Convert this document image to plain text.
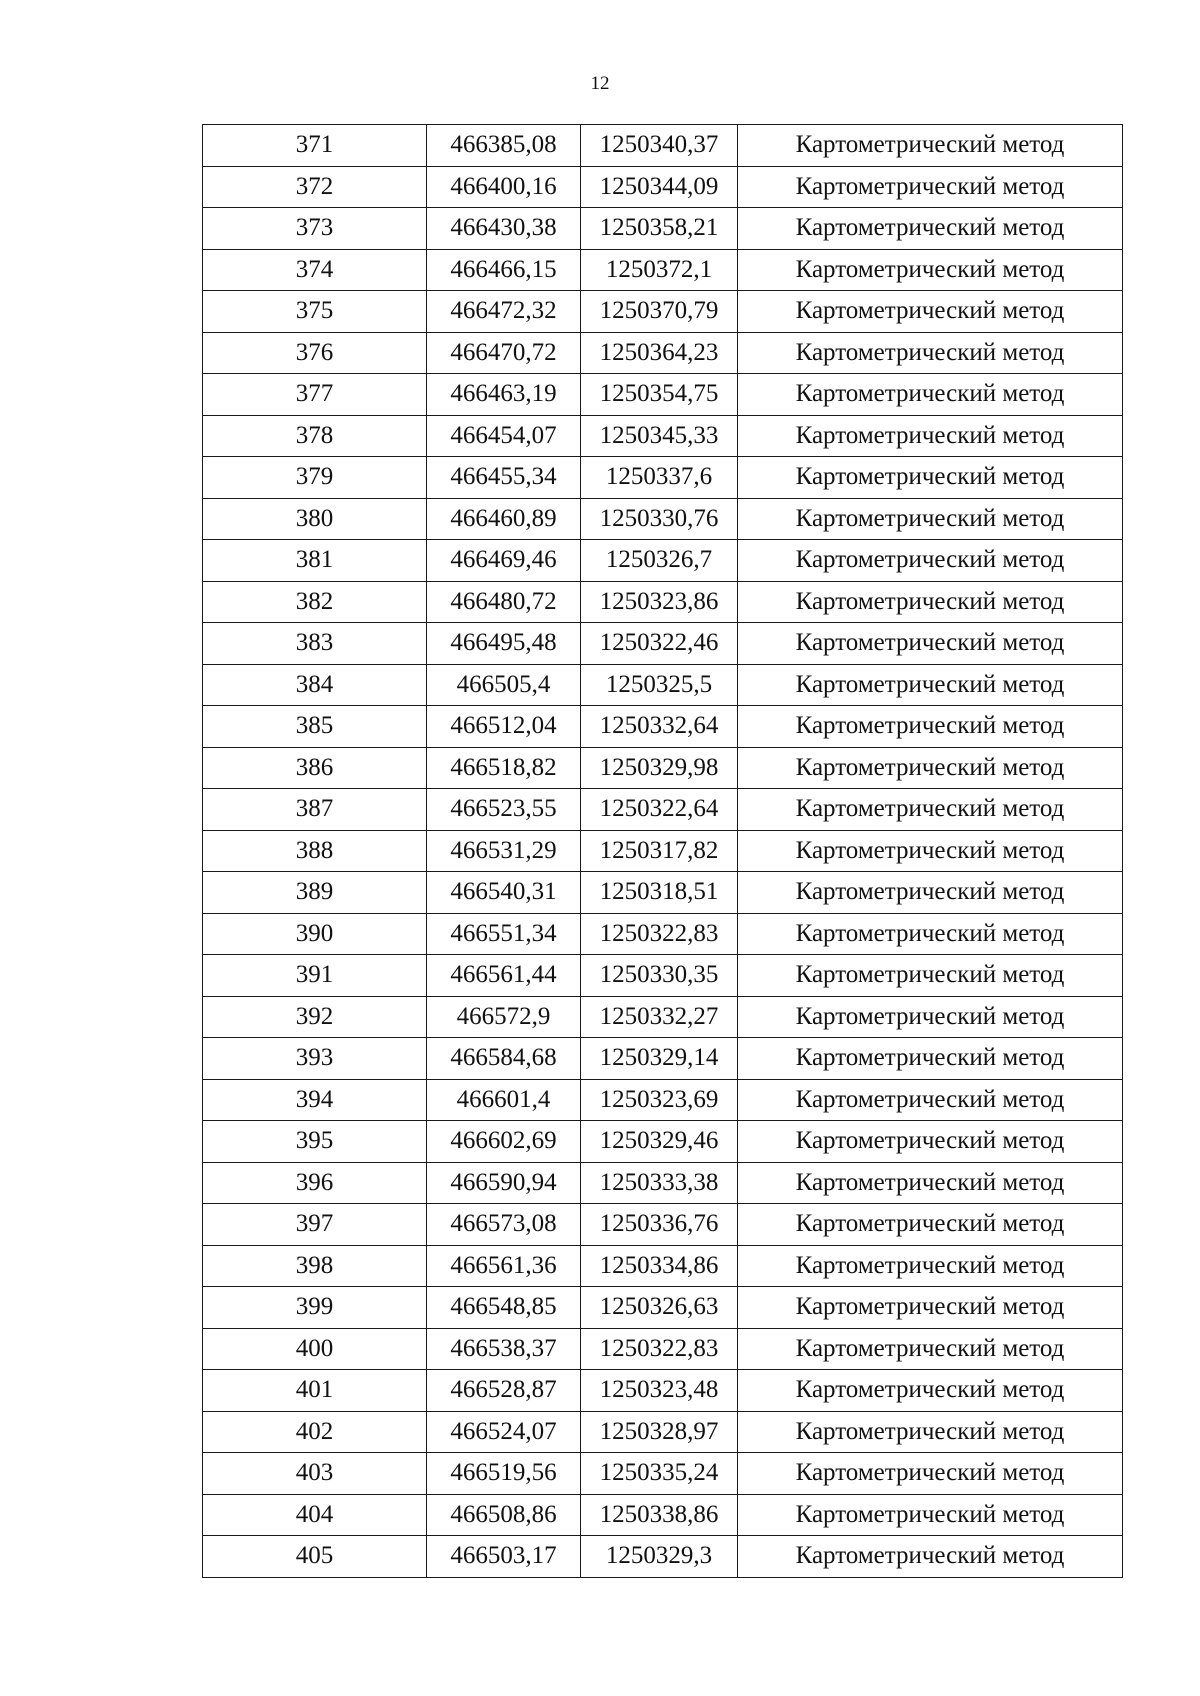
12
371	466385,08	1250340,37	Картометрический метод
372	466400,16	1250344,09	Картометрический метод
373	466430,38	1250358,21	Картометрический метод
374	466466,15	1250372,1	Картометрический метод
375	466472,32	1250370,79	Картометрический метод
376	466470,72	1250364,23	Картометрический метод
377	466463,19	1250354,75	Картометрический метод
378	466454,07	1250345,33	Картометрический метод
379	466455,34	1250337,6	Картометрический метод
380	466460,89	1250330,76	Картометрический метод
381	466469,46	1250326,7	Картометрический метод
382	466480,72	1250323,86	Картометрический метод
383	466495,48	1250322,46	Картометрический метод
384	466505,4	1250325,5	Картометрический метод
385	466512,04	1250332,64	Картометрический метод
386	466518,82	1250329,98	Картометрический метод
387	466523,55	1250322,64	Картометрический метод
388	466531,29	1250317,82	Картометрический метод
389	466540,31	1250318,51	Картометрический метод
390	466551,34	1250322,83	Картометрический метод
391	466561,44	1250330,35	Картометрический метод
392	466572,9	1250332,27	Картометрический метод
393	466584,68	1250329,14	Картометрический метод
394	466601,4	1250323,69	Картометрический метод
395	466602,69	1250329,46	Картометрический метод
396	466590,94	1250333,38	Картометрический метод
397	466573,08	1250336,76	Картометрический метод
398	466561,36	1250334,86	Картометрический метод
399	466548,85	1250326,63	Картометрический метод
400	466538,37	1250322,83	Картометрический метод
401	466528,87	1250323,48	Картометрический метод
402	466524,07	1250328,97	Картометрический метод
403	466519,56	1250335,24	Картометрический метод
404	466508,86	1250338,86	Картометрический метод
405	466503,17	1250329,3	Картометрический метод
